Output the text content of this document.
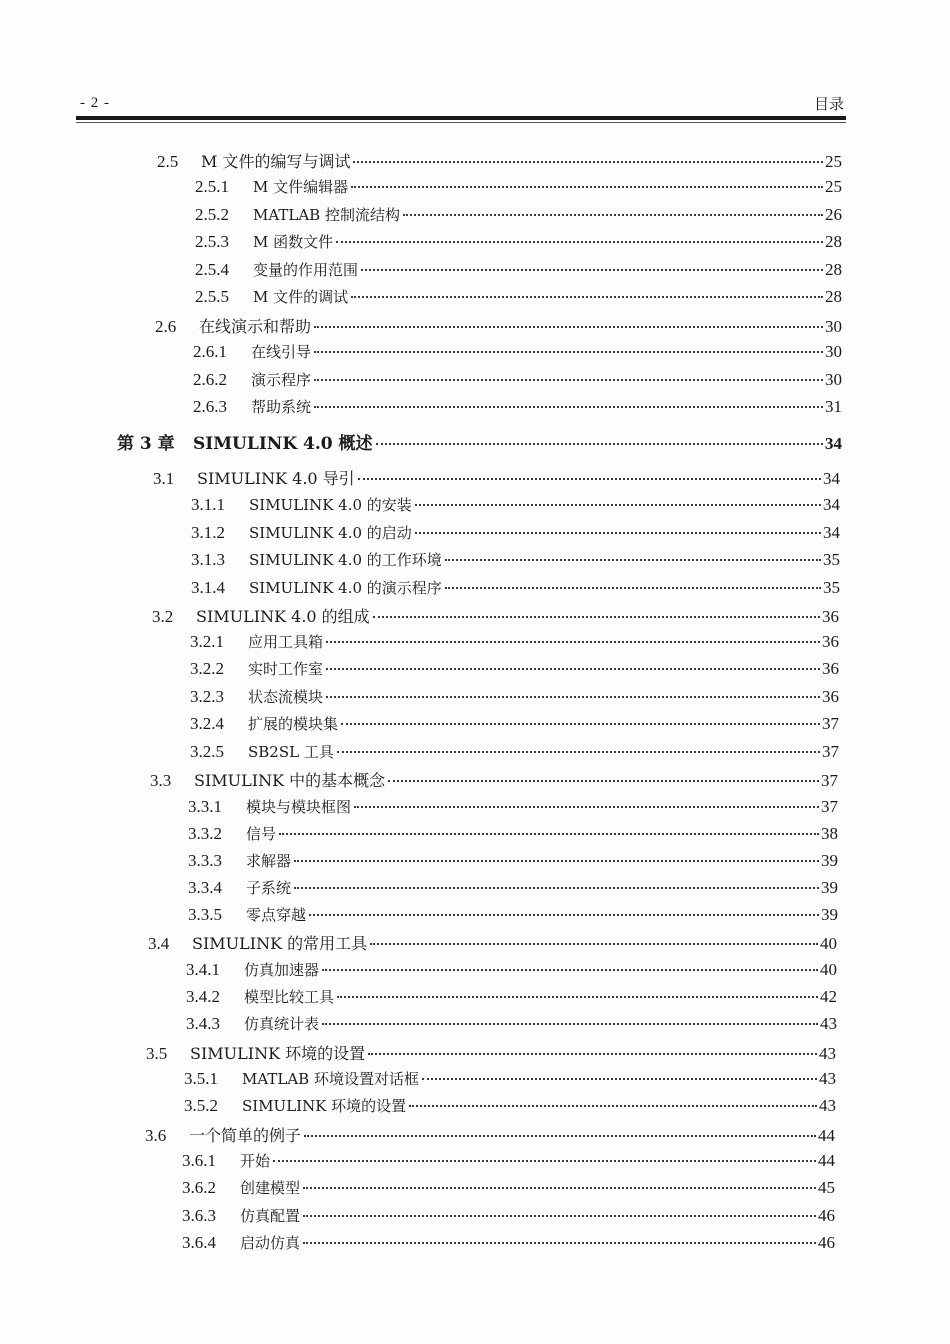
- 2 -	目录
2.5	M 文件的编写与调试	25
2.5.1	M 文件编辑器	25
2.5.2	MATLAB 控制流结构	26
2.5.3	M 函数文件	28
2.5.4	变量的作用范围	28
2.5.5	M 文件的调试	28
2.6	在线演示和帮助	30
2.6.1	在线引导	30
2.6.2	演示程序	30
2.6.3	帮助系统	31
第 3 章	SIMULINK 4.0 概述	34
3.1	SIMULINK 4.0 导引	34
3.1.1	SIMULINK 4.0 的安装	34
3.1.2	SIMULINK 4.0 的启动	34
3.1.3	SIMULINK 4.0 的工作环境	35
3.1.4	SIMULINK 4.0 的演示程序	35
3.2	SIMULINK 4.0 的组成	36
3.2.1	应用工具箱	36
3.2.2	实时工作室	36
3.2.3	状态流模块	36
3.2.4	扩展的模块集	37
3.2.5	SB2SL 工具	37
3.3	SIMULINK 中的基本概念	37
3.3.1	模块与模块框图	37
3.3.2	信号	38
3.3.3	求解器	39
3.3.4	子系统	39
3.3.5	零点穿越	39
3.4	SIMULINK 的常用工具	40
3.4.1	仿真加速器	40
3.4.2	模型比较工具	42
3.4.3	仿真统计表	43
3.5	SIMULINK 环境的设置	43
3.5.1	MATLAB 环境设置对话框	43
3.5.2	SIMULINK 环境的设置	43
3.6	一个简单的例子	44
3.6.1	开始	44
3.6.2	创建模型	45
3.6.3	仿真配置	46
3.6.4	启动仿真	46
